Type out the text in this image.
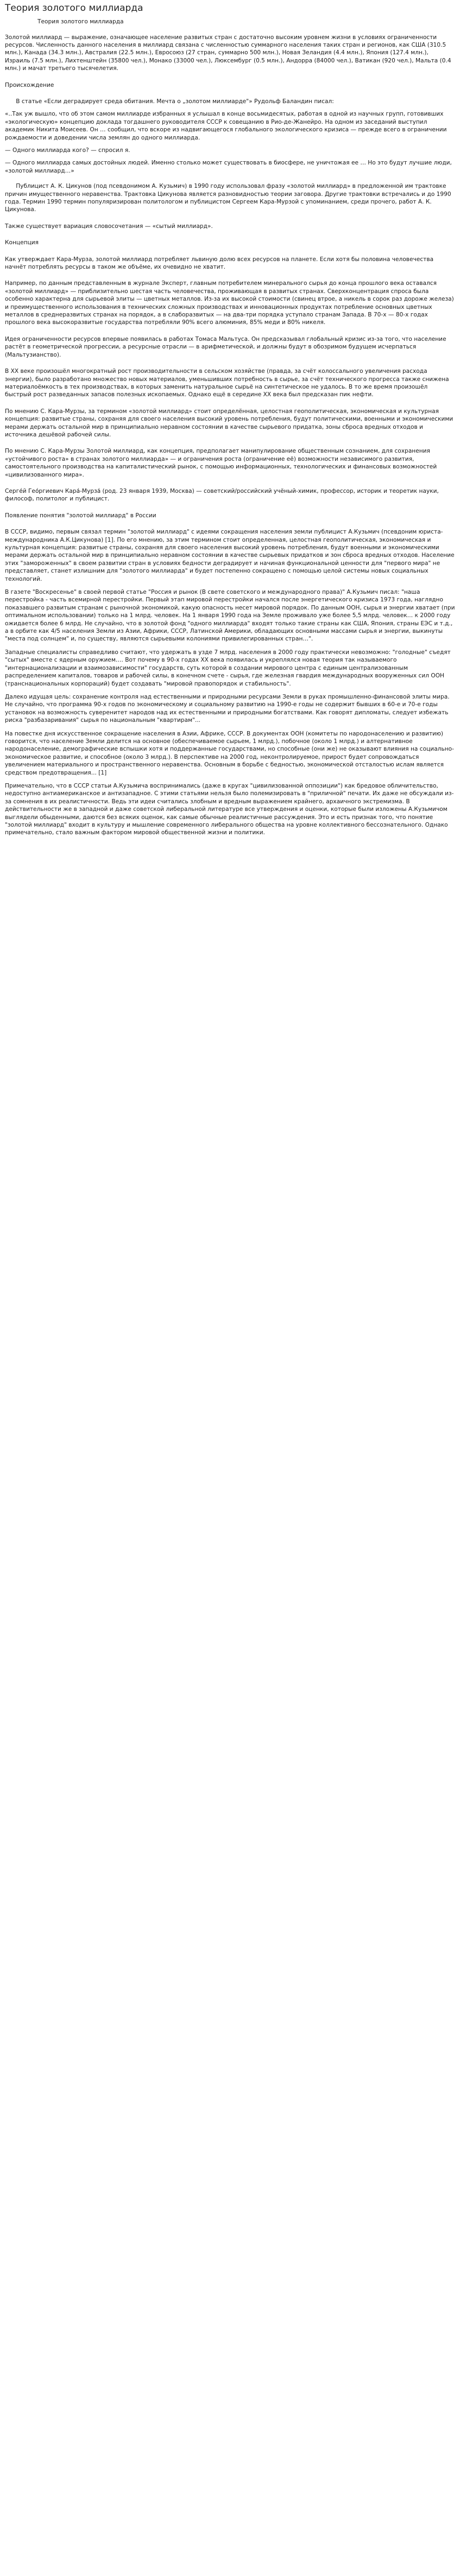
Теория золотого миллиарда

Теория золотого миллиарда

Золотой миллиард — выражение, означающее население развитых стран с достаточно высоким уровнем жизни в условиях ограниченности ресурсов. Численность данного населения в миллиард связана с численностью суммарного населения таких стран и регионов, как США (310.5 млн.), Канада (34.3 млн.), Австралия (22.5 млн.), Евросоюз (27 стран, суммарно 500 млн.), Новая Зеландия (4.4 млн.), Япония (127.4 млн.), Израиль (7.5 млн.), Лихтенштейн (35800 чел.), Монако (33000 чел.), Люксембург (0.5 млн.), Андорра (84000 чел.), Ватикан (920 чел.), Мальта (0.4 млн.) и мачат третьего тысячелетия.

Происхождение

В статье «Если деградирует среда обитания. Мечта о „золотом миллиарде"» Рудольф Баландин писал:

«..Так уж вышло, что об этом самом миллиарде избранных я услышал в конце восьмидесятых, работая в одной из научных групп, готовивших «экологическую» концепцию доклада тогдашнего руководителя СССР к совещанию в Рио-де-Жанейро. На одном из заседаний выступил академик Никита Моисеев. Он … сообщил, что вскоре из надвигающегося глобального экологического кризиса — прежде всего в ограничении рождаемости и доведении числа землян до одного миллиарда.

— Одного миллиарда кого? — спросил я.

— Одного миллиарда самых достойных людей. Именно столько может существовать в биосфере, не уничтожая ее … Но это будут лучшие люди, «золотой миллиард…»

Публицист А. К. Цикунов (под псевдонимом А. Кузьмич) в 1990 году использовал фразу «золотой миллиард» в предложенной им трактовке причин имущественного неравенства. Трактовка Цикунова является разновидностью теории заговора. Другие трактовки встречались и до 1990 года. Термин 1990 термин популяризирован политологом и публицистом Сергеем Кара-Мурзой с упоминанием, среди прочего, работ А. К. Цикунова.

Также существует вариация словосочетания — «сытый миллиард».

Концепция

Как утверждает Кара-Мурза, золотой миллиард потребляет львиную долю всех ресурсов на планете. Если хотя бы половина человечества начнёт потреблять ресурсы в таком же объёме, их очевидно не хватит.

Например, по данным представленным в журнале Эксперт, главным потребителем минерального сырья до конца прошлого века оставался «золотой миллиард» — приблизительно шестая часть человечества, проживающая в развитых странах. Сверхконцентрация спроса была особенно характерна для сырьевой элиты — цветных металлов. Из-за их высокой стоимости (свинец втрое, а никель в сорок раз дороже железа) и преимущественного использования в технических сложных производствах и инновационных продуктах потребление основных цветных металлов в среднеразвитых странах на порядок, а в слаборазвитых — на два-три порядка уступало странам Запада. В 70-х — 80-х годах прошлого века высокоразвитые государства потребляли 90% всего алюминия, 85% меди и 80% никеля.

Идея ограниченности ресурсов впервые появилась в работах Томаса Мальтуса. Он предсказывал глобальный кризис из-за того, что население растёт в геометрической прогрессии, а ресурсные отрасли — в арифметической, и должны будут в обозримом будущем исчерпаться (Мальтузианство).

В XX веке произошёл многократный рост производительности в сельском хозяйстве (правда, за счёт колоссального увеличения расхода энергии), было разработано множество новых материалов, уменьшивших потребность в сырье, за счёт технического прогресса также снижена материалоёмкость в тех производствах, в которых заменить натуральное сырьё на синтетическое не удалось. В то же время произошёл быстрый рост разведанных запасов полезных ископаемых. Однако ещё в середине XX века был предсказан пик нефти.

По мнению С. Кара-Мурзы, за термином «золотой миллиард» стоит определённая, целостная геополитическая, экономическая и культурная концепция: развитые страны, сохраняя для своего населения высокий уровень потребления, будут политическими, военными и экономическими мерами держать остальной мир в принципиально неравном состоянии в качестве сырьевого придатка, зоны сброса вредных отходов и источника дешёвой рабочей силы.

По мнению С. Кара-Мурзы Золотой миллиард, как концепция, предполагает манипулирование общественным сознанием, для сохранения «устойчивого роста» в странах золотого миллиарда» — и ограничения роста (ограничение её) возможности независимого развития, самостоятельного производства на капиталистический рынок, с помощью информационных, технологических и финансовых возможностей «цивилизованного мира».

Серге́й Гео́ргиевич Кара́-Мурза́ (род. 23 января 1939, Москва) — советский/российский учёный-химик, профессор, историк и теоретик науки, философ, политолог и публицист.

Появление понятия "золотой миллиард" в России

В СССР, видимо, первым связал термин "золотой миллиард" с идеями сокращения населения земли публицист А.Кузьмич (псевдоним юриста-международника А.К.Цикунова) [1]. По его мнению, за этим термином стоит определенная, целостная геополитическая, экономическая и культурная концепция: развитые страны, сохраняя для своего населения высокий уровень потребления, будут военными и экономическими мерами держать остальной мир в принципиально неравном состоянии в качестве сырьевых придатков и зон сброса вредных отходов. Население этих "замороженных" в своем развитии стран в условиях бедности деградирует и начиная функциональной ценности для "первого мира" не представляет, станет излишним для "золотого миллиарда" и будет постепенно сокращено с помощью целой системы новых социальных технологий.

В газете "Воскресенье" в своей первой статье "Россия и рынок (В свете советского и международного права)" А.Кузьмич писал: "наша перестройка - часть всемирной перестройки. Первый этап мировой перестройки начался после энергетического кризиса 1973 года, наглядно показавшего развитым странам с рыночной экономикой, какую опасность несет мировой порядок. По данным ООН, сырья и энергии хватает (при оптимальном использовании) только на 1 млрд. человек. На 1 января 1990 года на Земле проживало уже более 5,5 млрд. человек… к 2000 году ожидается более 6 млрд. Не случайно, что в золотой фонд "одного миллиарда" входят только такие страны как США, Япония, страны ЕЭС и т.д., а в орбите как 4/5 населения Земли из Азии, Африки, СССР, Латинской Америки, обладающих основными массами сырья и энергии, выкинуты "места под солнцем" и, по существу, являются сырьевыми колониями привилегированных стран…".

Западные специалисты справедливо считают, что удержать в узде 7 млрд. населения в 2000 году практически невозможно: "голодные" съедят "сытых" вместе с ядерным оружием…. Вот почему в 90-х годах XX века появилась и укреплялся новая теория так называемого "интернационализации и взаимозависимости" государств, суть которой в создании мирового центра с единым централизованным распределением капиталов, товаров и рабочей силы, в конечном счете - сырья, где железная гвардия международных вооруженных сил ООН (транснациональных корпораций) будет создавать "мировой правопорядок и стабильность".

Далеко идущая цель: сохранение контроля над естественными и природными ресурсами Земли в руках промышленно-финансовой элиты мира. Не случайно, что программа 90-х годов по экономическому и социальному развитию на 1990-е годы не содержит бывших в 60-е и 70-е годы установок на возможность суверенитет народов над их естественными и природными богатствами. Как говорят дипломаты, следует избежать риска "разбазаривания" сырья по национальным "квартирам"...

На повестке дня искусственное сокращение населения в Азии, Африке, СССР. В документах ООН (комитеты по народонаселению и развитию) говорится, что население Земли делится на основное (обеспечиваемое сырьем, 1 млрд.), побочное (около 1 млрд.) и алтернативное народонаселение, демографические вспышки хотя и поддержанные государствами, но способные (они же) не оказывают влияния на социально-экономическое развитие, и способное (около 3 млрд.). В перспективе на 2000 год, неконтролируемое, прирост будет сопровождаться увеличением материального и пространственного неравенства. Основным в борьбе с бедностью, экономической отсталостью ислам является средством предотвращения... [1]

Примечательно, что в СССР статьи А.Кузьмича воспринимались (даже в кругах "цивилизованной оппозиции") как бредовое обличительство, недоступно антиамериканское и антизападное. С этими статьями нельзя было полемизировать в "приличной" печати. Их даже не обсуждали из-за сомнения в их реалистичности. Ведь эти идеи считались злобным и вредным выражением крайнего, архаичного экстремизма. В действительности же в западной и даже советской либеральной литературе все утверждения и оценки, которые были изложены А.Кузьмичом выглядели обыденными, даются без всяких оценок, как самые обычные реалистичные рассуждения. Это и есть признак того, что понятие "золотой миллиард" входит в культуру и мышление современного либерального общества на уровне коллективного бессознательного. Однако примечательно, стало важным фактором мировой общественной жизни и политики.
